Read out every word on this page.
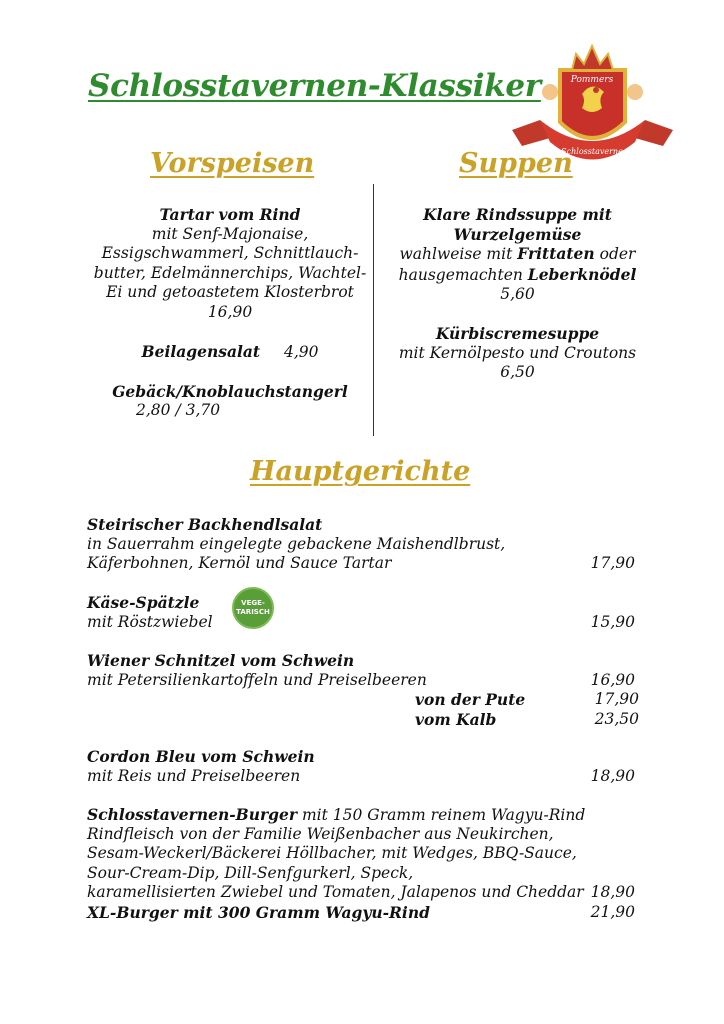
Schlosstavernen-Klassiker	Pommers
Schlosstaverne
Vorspeisen	Suppen
Tartar vom Rind
mit Senf-Majonaise,
Essigschwammerl, Schnittlauch-
butter, Edelmännerchips, Wachtel-
Ei und getoastetem Klosterbrot
16,90
Beilagensalat 4,90
Gebäck/Knoblauchstangerl
2,80 / 3,70
Klare Rindssuppe mit
Wurzelgemüse
wahlweise mit Frittaten oder
hausgemachten Leberknödel
5,60
Kürbiscremesuppe
mit Kernölpesto und Croutons
6,50
Hauptgerichte
Steirischer Backhendlsalat
in Sauerrahm eingelegte gebackene Maishendlbrust,
Käferbohnen, Kernöl und Sauce Tartar	17,90
Käse-Spätzle
mit Röstzwiebel	15,90
VEGE-
TARISCH
Wiener Schnitzel vom Schwein
mit Petersilienkartoffeln und Preiselbeeren	16,90
von der Pute	17,90
vom Kalb	23,50
Cordon Bleu vom Schwein
mit Reis und Preiselbeeren	18,90
Schlosstavernen-Burger mit 150 Gramm reinem Wagyu-Rind
Rindfleisch von der Familie Weißenbacher aus Neukirchen,
Sesam-Weckerl/Bäckerei Höllbacher, mit Wedges, BBQ-Sauce,
Sour-Cream-Dip, Dill-Senfgurkerl, Speck,
karamellisierten Zwiebel und Tomaten, Jalapenos und Cheddar 18,90
XL-Burger mit 300 Gramm Wagyu-Rind	21,90
